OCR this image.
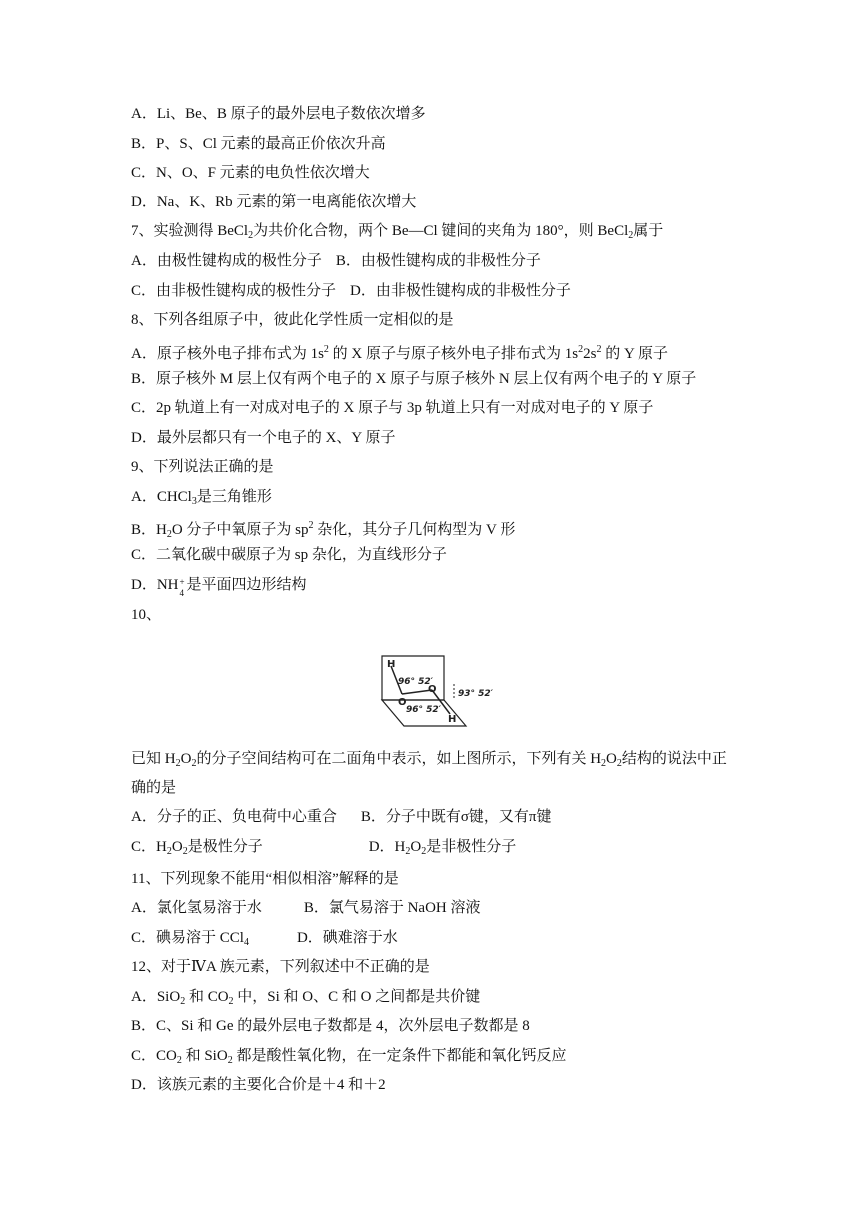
A．Li、Be、B 原子的最外层电子数依次增多
B．P、S、Cl 元素的最高正价依次升高
C．N、O、F 元素的电负性依次增大
D．Na、K、Rb 元素的第一电离能依次增大
7、实验测得 BeCl$_2$为共价化合物，两个 Be—Cl 键间的夹角为 180°，则 BeCl$_2$属于
A．由极性键构成的极性分子 B．由极性键构成的非极性分子
C．由非极性键构成的极性分子 D．由非极性键构成的非极性分子
8、下列各组原子中，彼此化学性质一定相似的是
A．原子核外电子排布式为 $1s^2$ 的 X 原子与原子核外电子排布式为 $1s^22s^2$ 的 Y 原子
B．原子核外 M 层上仅有两个电子的 X 原子与原子核外 N 层上仅有两个电子的 Y 原子
C．2p 轨道上有一对成对电子的 X 原子与 3p 轨道上只有一对成对电子的 Y 原子
D．最外层都只有一个电子的 X、Y 原子
9、下列说法正确的是
A．CHCl$_3$是三角锥形
B．$H_2O$ 分子中氧原子为 $sp^2$ 杂化，其分子几何构型为 V 形
C．二氧化碳中碳原子为 sp 杂化，为直线形分子
D．NH +
4 是平面四边形结构
10、
H
O
O
H
96° 52′
96° 52′
93° 52′
已知 $H_2O_2$的分子空间结构可在二面角中表示，如上图所示，下列有关 $H_2O_2$结构的说法中正
确的是
A．分子的正、负电荷中心重合 B．分子中既有σ键，又有π键
C．$H_2O_2$是极性分子	D．$H_2O_2$是非极性分子
11、下列现象不能用“相似相溶”解释的是
A．氯化氢易溶于水	B．氯气易溶于 NaOH 溶液
C．碘易溶于 CCl$_4$	D．碘难溶于水
12、对于ⅣA 族元素，下列叙述中不正确的是
A．SiO$_2$ 和 $CO_2$ 中，Si 和 O、C 和 O 之间都是共价键
B．C、Si 和 Ge 的最外层电子数都是 4，次外层电子数都是 8
C．$CO_2$ 和 SiO$_2$ 都是酸性氧化物，在一定条件下都能和氧化钙反应
D．该族元素的主要化合价是＋4 和＋2
